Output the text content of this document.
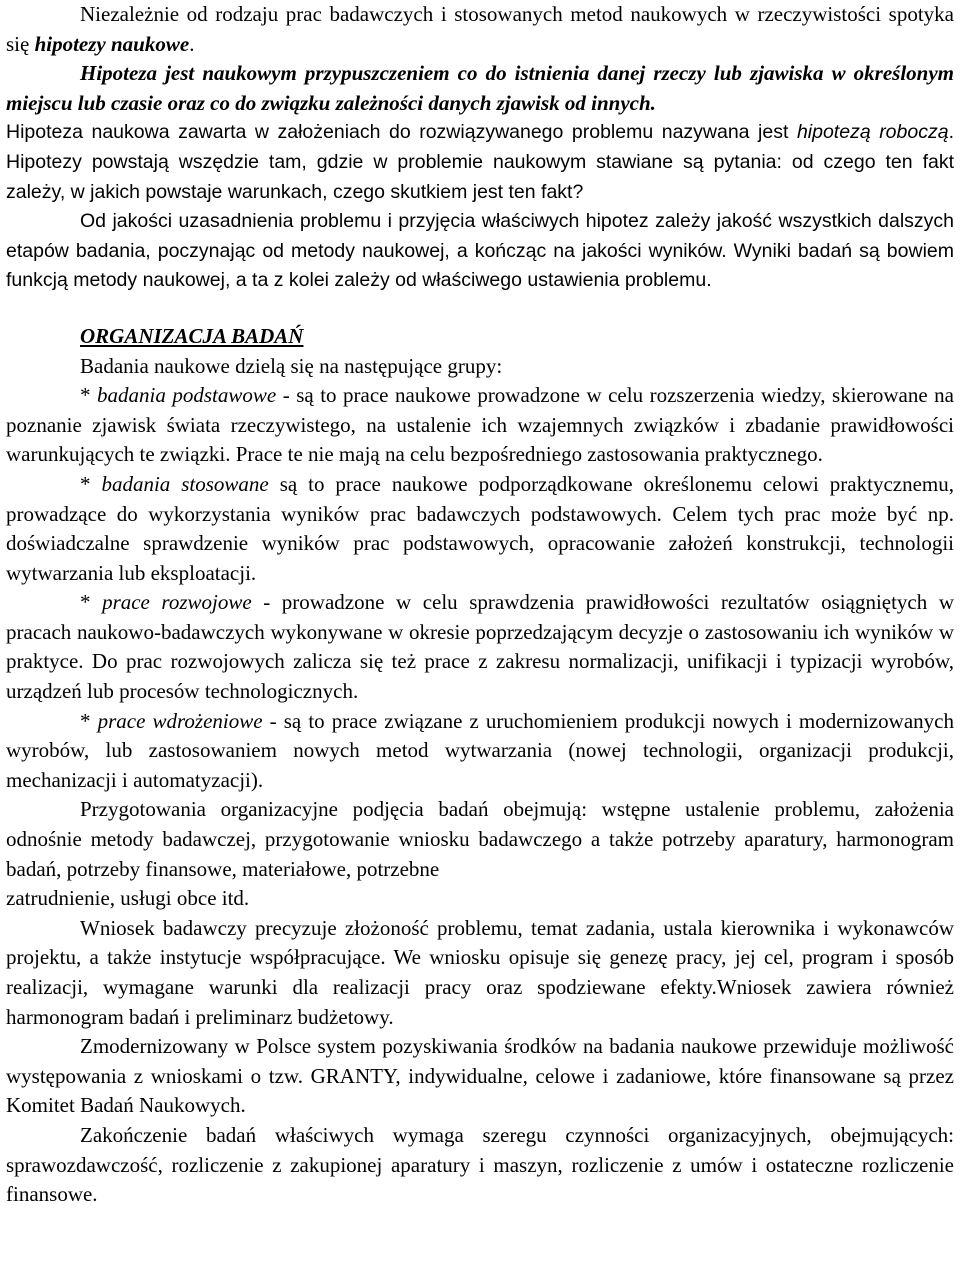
Niezależnie od rodzaju prac badawczych i stosowanych metod naukowych w rzeczywistości spotyka się hipotezy naukowe.

Hipoteza jest naukowym przypuszczeniem co do istnienia danej rzeczy lub zjawiska w określonym miejscu lub czasie oraz co do związku zależności danych zjawisk od innych.

Hipoteza naukowa zawarta w założeniach do rozwiązywanego problemu nazywana jest hipotezą roboczą. Hipotezy powstają wszędzie tam, gdzie w problemie naukowym stawiane są pytania: od czego ten fakt zależy, w jakich powstaje warunkach, czego skutkiem jest ten fakt?

Od jakości uzasadnienia problemu i przyjęcia właściwych hipotez zależy jakość wszystkich dalszych etapów badania, poczynając od metody naukowej, a kończąc na jakości wyników. Wyniki badań są bowiem funkcją metody naukowej, a ta z kolei zależy od właściwego ustawienia problemu.

ORGANIZACJA BADAŃ

Badania naukowe dzielą się na następujące grupy:

* badania podstawowe - są to prace naukowe prowadzone w celu rozszerzenia wiedzy, skierowane na poznanie zjawisk świata rzeczywistego, na ustalenie ich wzajemnych związków i zbadanie prawidłowości warunkujących te związki. Prace te nie mają na celu bezpośredniego zastosowania praktycznego.

* badania stosowane są to prace naukowe podporządkowane określonemu celowi praktycznemu, prowadzące do wykorzystania wyników prac badawczych podstawowych. Celem tych prac może być np. doświadczalne sprawdzenie wyników prac podstawowych, opracowanie założeń konstrukcji, technologii wytwarzania lub eksploatacji.

* prace rozwojowe - prowadzone w celu sprawdzenia prawidłowości rezultatów osiągniętych w pracach naukowo-badawczych wykonywane w okresie poprzedzającym decyzje o zastosowaniu ich wyników w praktyce. Do prac rozwojowych zalicza się też prace z zakresu normalizacji, unifikacji i typizacji wyrobów, urządzeń lub procesów technologicznych.

* prace wdrożeniowe - są to prace związane z uruchomieniem produkcji nowych i modernizowanych wyrobów, lub zastosowaniem nowych metod wytwarzania (nowej technologii, organizacji produkcji, mechanizacji i automatyzacji).

Przygotowania organizacyjne podjęcia badań obejmują: wstępne ustalenie problemu, założenia odnośnie metody badawczej, przygotowanie wniosku badawczego a także potrzeby aparatury, harmonogram badań, potrzeby finansowe, materiałowe, potrzebne

zatrudnienie, usługi obce itd.

Wniosek badawczy precyzuje złożoność problemu, temat zadania, ustala kierownika i wykonawców projektu, a także instytucje współpracujące. We wniosku opisuje się genezę pracy, jej cel, program i sposób realizacji, wymagane warunki dla realizacji pracy oraz spodziewane efekty.Wniosek zawiera również harmonogram badań i preliminarz budżetowy.

Zmodernizowany w Polsce system pozyskiwania środków na badania naukowe przewiduje możliwość występowania z wnioskami o tzw. GRANTY, indywidualne, celowe i zadaniowe, które finansowane są przez Komitet Badań Naukowych.

Zakończenie badań właściwych wymaga szeregu czynności organizacyjnych, obejmujących: sprawozdawczość, rozliczenie z zakupionej aparatury i maszyn, rozliczenie z umów i ostateczne rozliczenie finansowe.
